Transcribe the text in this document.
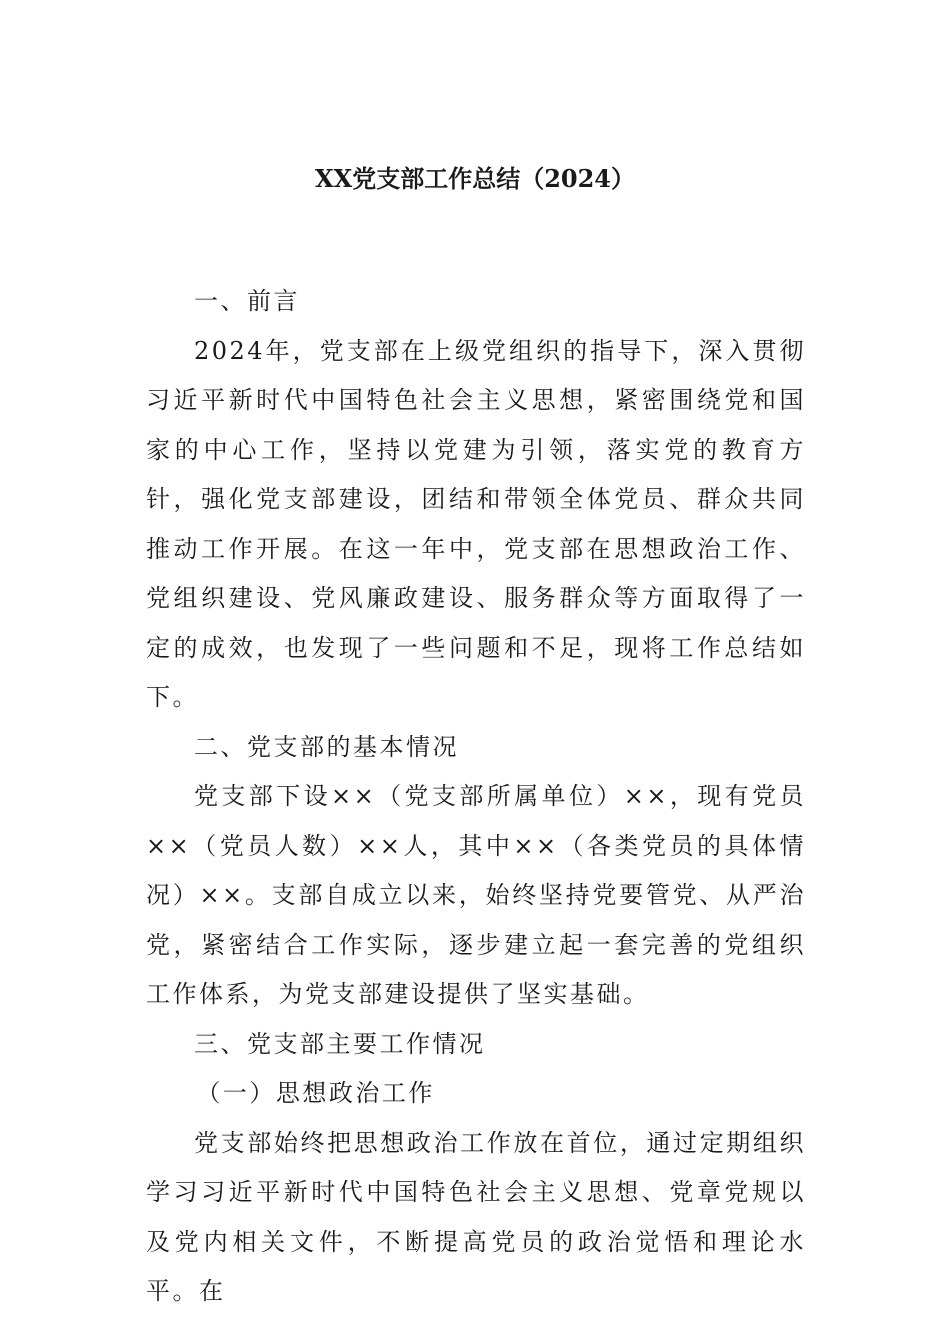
XX党支部工作总结（2024）

一、前言

2024年，党支部在上级党组织的指导下，深入贯彻习近平新时代中国特色社会主义思想，紧密围绕党和国家的中心工作，坚持以党建为引领，落实党的教育方针，强化党支部建设，团结和带领全体党员、群众共同推动工作开展。在这一年中，党支部在思想政治工作、党组织建设、党风廉政建设、服务群众等方面取得了一定的成效，也发现了一些问题和不足，现将工作总结如下。

二、党支部的基本情况

党支部下设××（党支部所属单位）××，现有党员××（党员人数）××人，其中××（各类党员的具体情况）××。支部自成立以来，始终坚持党要管党、从严治党，紧密结合工作实际，逐步建立起一套完善的党组织工作体系，为党支部建设提供了坚实基础。

三、党支部主要工作情况

（一）思想政治工作

党支部始终把思想政治工作放在首位，通过定期组织学习习近平新时代中国特色社会主义思想、党章党规以及党内相关文件，不断提高党员的政治觉悟和理论水平。在
